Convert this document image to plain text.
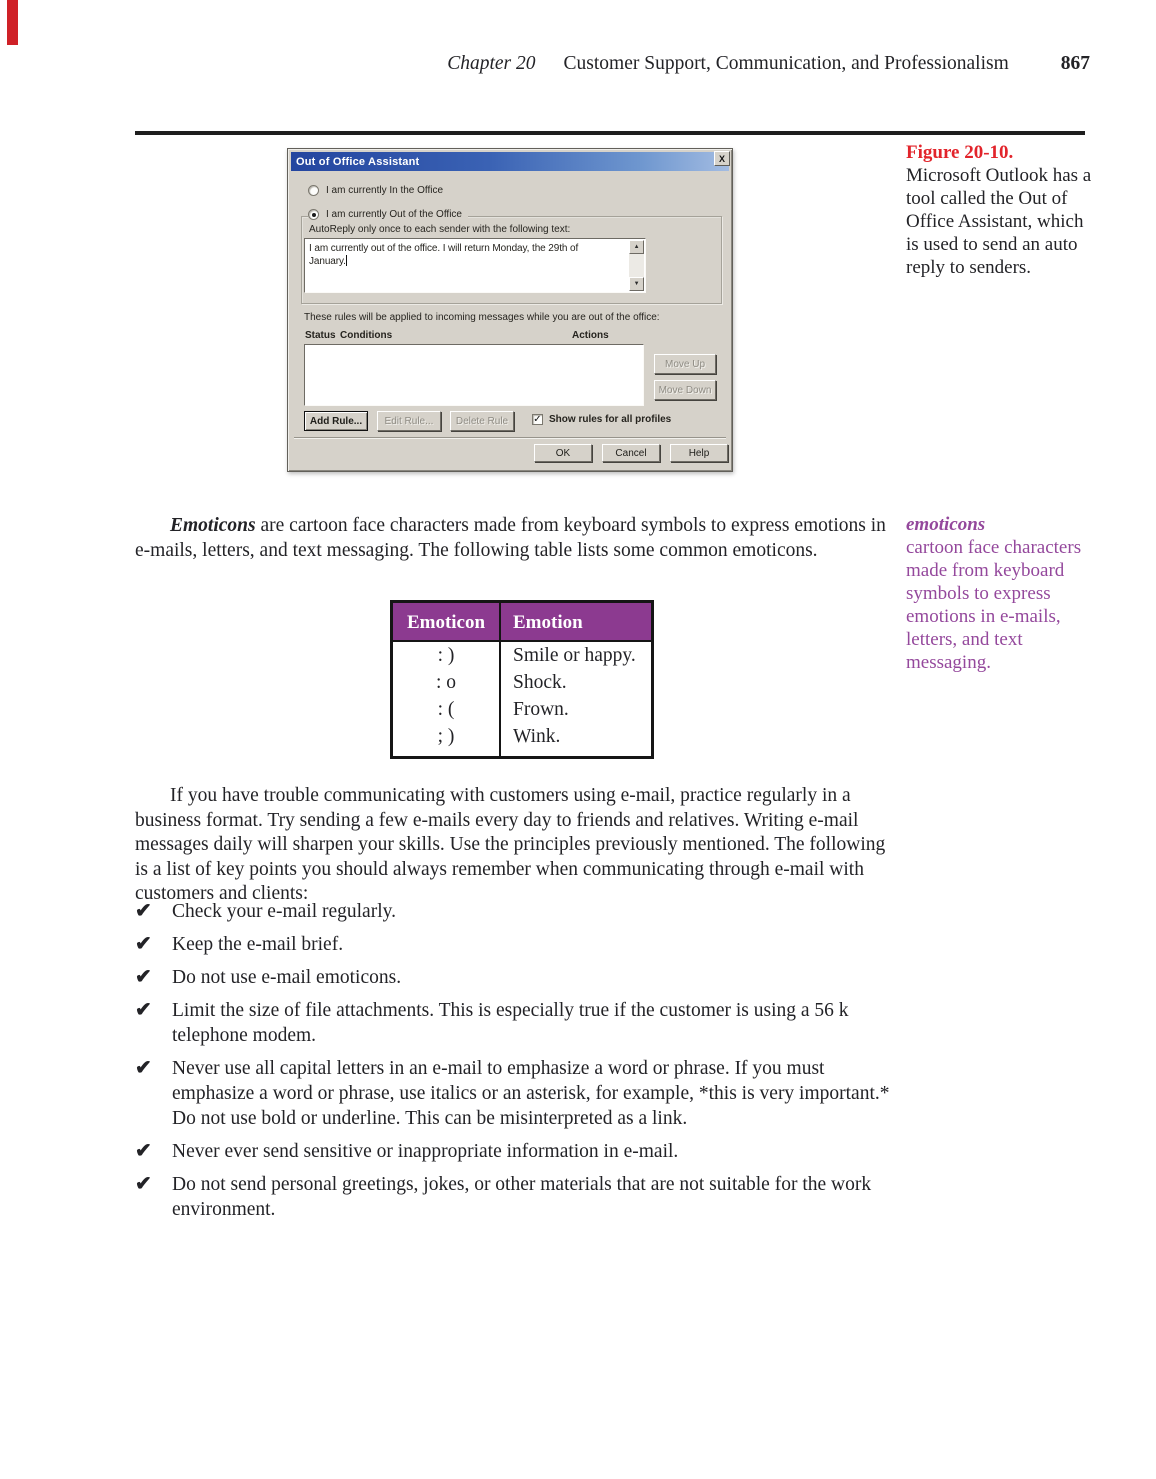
Chapter 20 Customer Support, Communication, and Professionalism	867
Out of Office Assistant	X
I am currently In the Office
I am currently Out of the Office
AutoReply only once to each sender with the following text:
I am currently out of the office. I will return Monday, the 29th of
January.
▲
▼
These rules will be applied to incoming messages while you are out of the office:
Status Conditions	Actions
Move Up
Move Down
Add Rule...	Edit Rule...	Delete Rule	✓ Show rules for all profiles
OK	Cancel	Help
Figure 20-10.
Microsoft Outlook has a tool called the Out of Office Assistant, which is used to send an auto reply to senders.

Emoticons are cartoon face characters made from keyboard symbols to express emotions in e-mails, letters, and text messaging. The following table lists some common emoticons.

emoticons
cartoon face characters made from keyboard symbols to express emotions in e-mails, letters, and text messaging.
Emoticon	Emotion
: )	Smile or happy.
: o	Shock.
: (	Frown.
; )	Wink.

If you have trouble communicating with customers using e-mail, practice regularly in a business format. Try sending a few e-mails every day to friends and relatives. Writing e-mail messages daily will sharpen your skills. Use the principles previously mentioned. The following is a list of key points you should always remember when communicating through e-mail with customers and clients:

✔	Check your e-mail regularly.
✔	Keep the e-mail brief.
✔	Do not use e-mail emoticons.
✔	Limit the size of file attachments. This is especially true if the customer is using a 56 k telephone modem.
✔	Never use all capital letters in an e-mail to emphasize a word or phrase. If you must emphasize a word or phrase, use italics or an asterisk, for example, *this is very important.* Do not use bold or underline. This can be misinterpreted as a link.
✔	Never ever send sensitive or inappropriate information in e-mail.
✔	Do not send personal greetings, jokes, or other materials that are not suitable for the work environment.
